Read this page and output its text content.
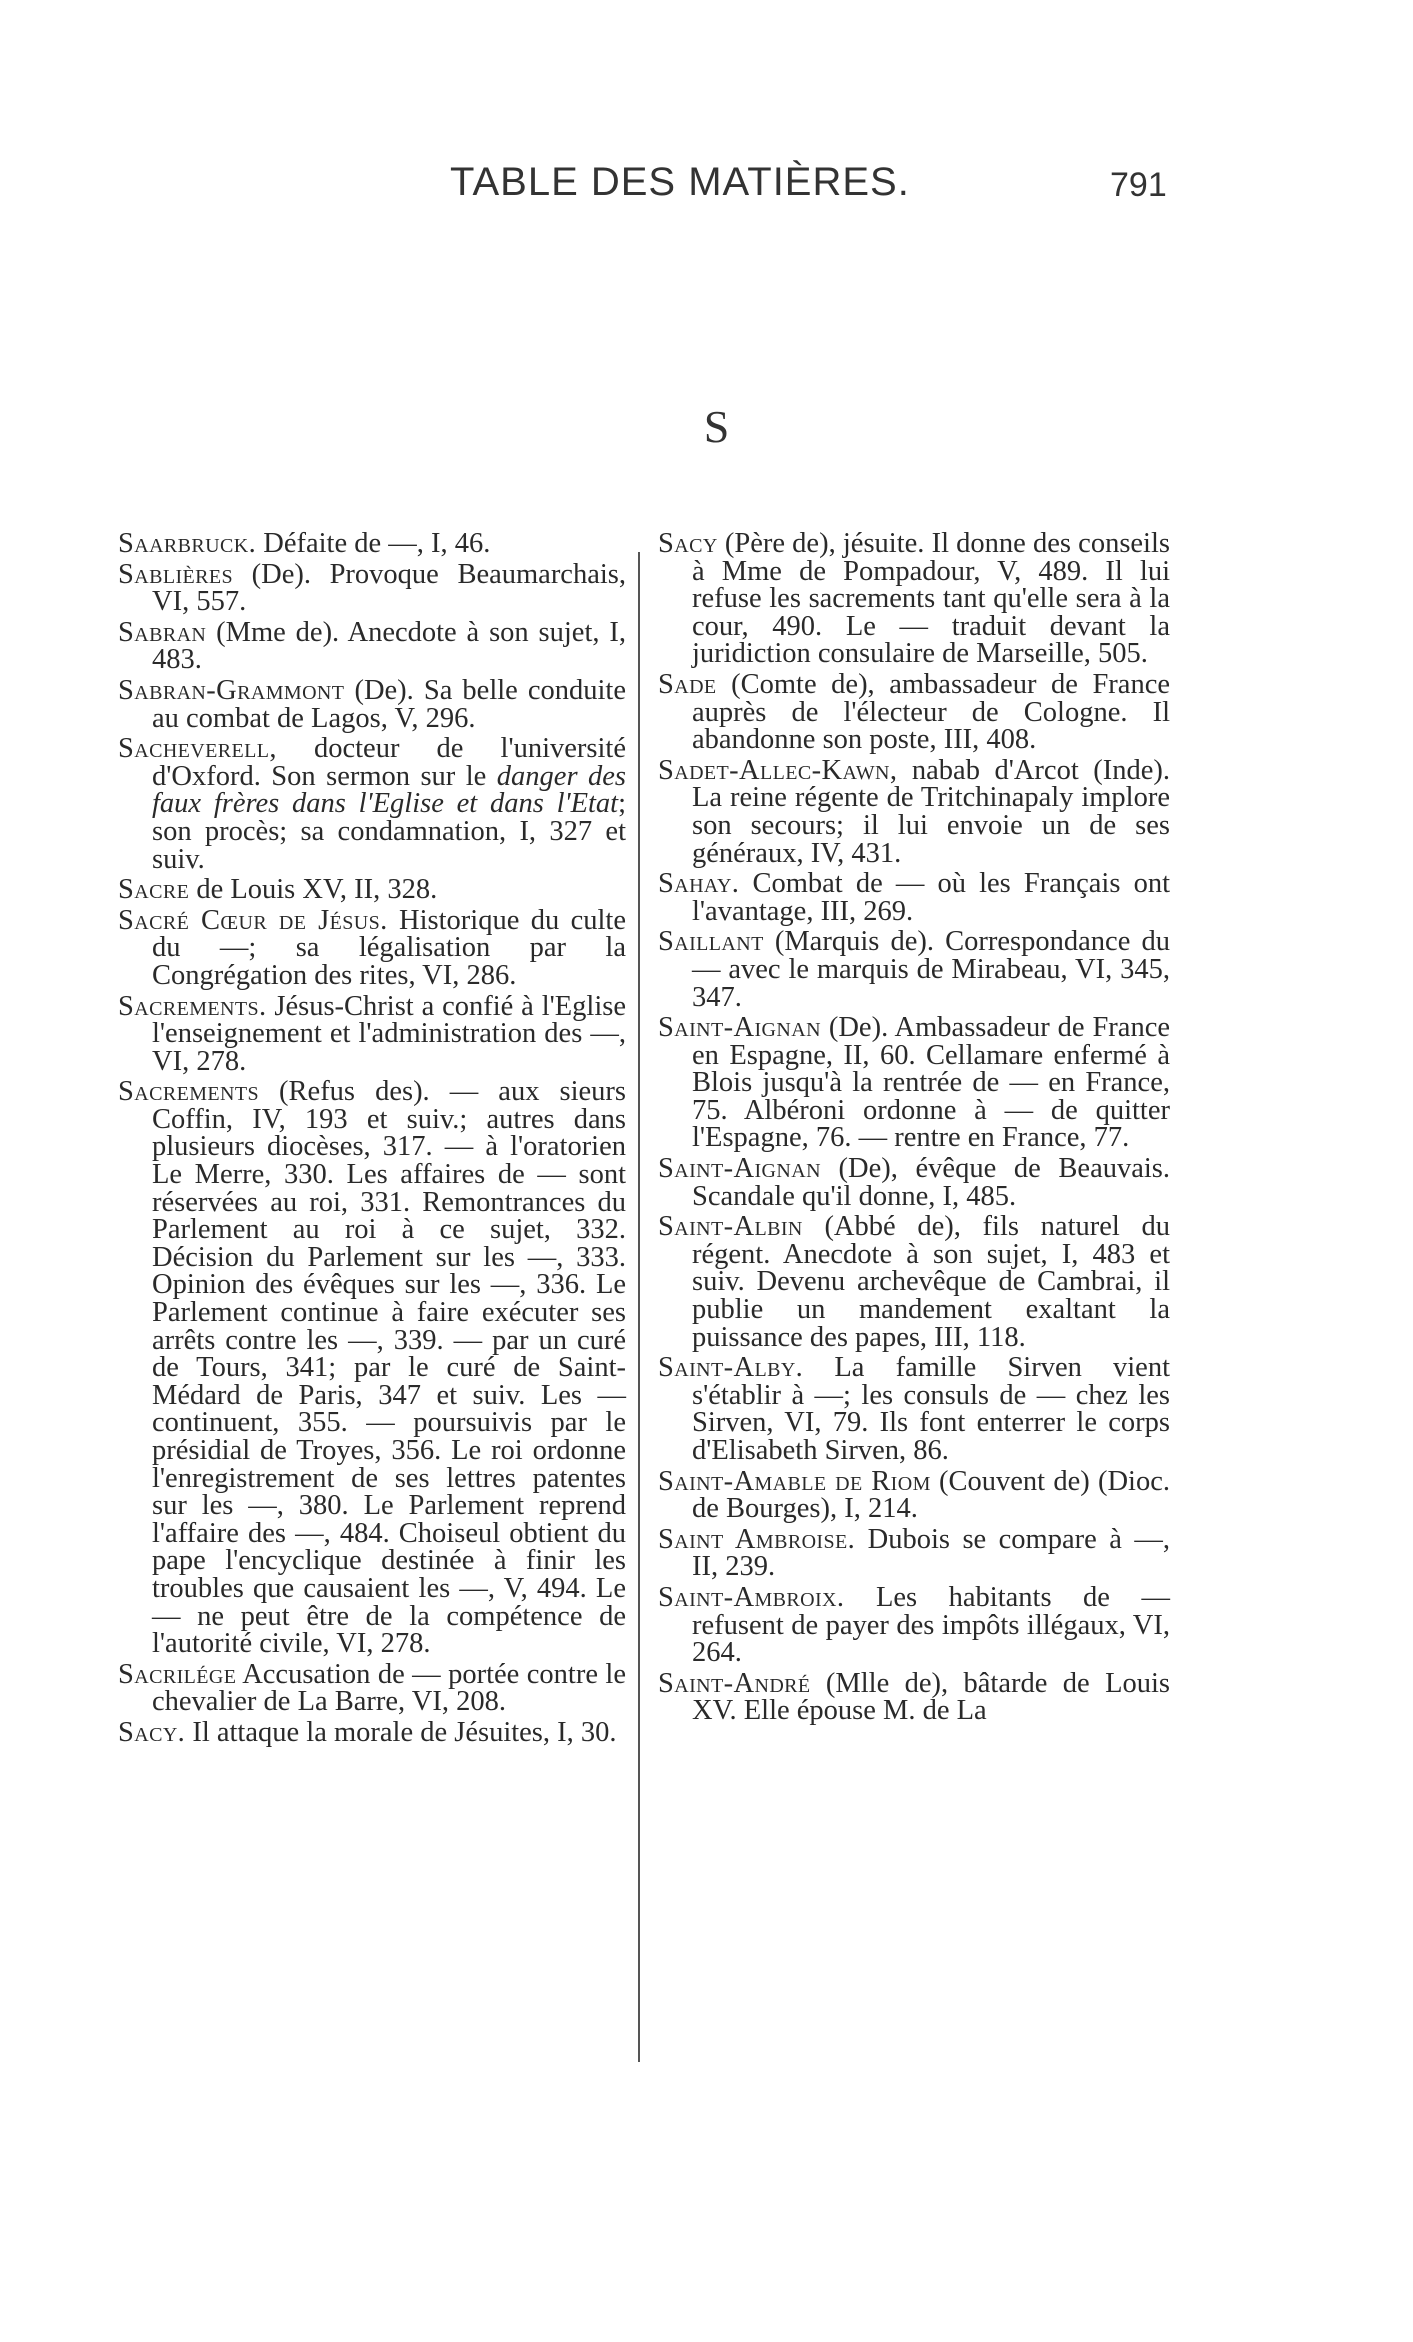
TABLE DES MATIÈRES.	791
S

Saarbruck. Défaite de —, I, 46.

Sablières (De). Provoque Beaumarchais, VI, 557.

Sabran (Mme de). Anecdote à son sujet, I, 483.

Sabran-Grammont (De). Sa belle conduite au combat de Lagos, V, 296.

Sacheverell, docteur de l'université d'Oxford. Son sermon sur le danger des faux frères dans l'Eglise et dans l'Etat; son procès; sa condamnation, I, 327 et suiv.

Sacre de Louis XV, II, 328.

Sacré Cœur de Jésus. Historique du culte du —; sa légalisation par la Congrégation des rites, VI, 286.

Sacrements. Jésus-Christ a confié à l'Eglise l'enseignement et l'administration des —, VI, 278.

Sacrements (Refus des). — aux sieurs Coffin, IV, 193 et suiv.; autres dans plusieurs diocèses, 317. — à l'oratorien Le Merre, 330. Les affaires de — sont réservées au roi, 331. Remontrances du Parlement au roi à ce sujet, 332. Décision du Parlement sur les —, 333. Opinion des évêques sur les —, 336. Le Parlement continue à faire exécuter ses arrêts contre les —, 339. — par un curé de Tours, 341; par le curé de Saint-Médard de Paris, 347 et suiv. Les — continuent, 355. — poursuivis par le présidial de Troyes, 356. Le roi ordonne l'enregistrement de ses lettres patentes sur les —, 380. Le Parlement reprend l'affaire des —, 484. Choiseul obtient du pape l'encyclique destinée à finir les troubles que causaient les —, V, 494. Le — ne peut être de la compétence de l'autorité civile, VI, 278.

Sacrilége Accusation de — portée contre le chevalier de La Barre, VI, 208.

Sacy. Il attaque la morale de Jésuites, I, 30.

Sacy (Père de), jésuite. Il donne des conseils à Mme de Pompadour, V, 489. Il lui refuse les sacrements tant qu'elle sera à la cour, 490. Le — traduit devant la juridiction consulaire de Marseille, 505.

Sade (Comte de), ambassadeur de France auprès de l'électeur de Cologne. Il abandonne son poste, III, 408.

Sadet-Allec-Kawn, nabab d'Arcot (Inde). La reine régente de Tritchinapaly implore son secours; il lui envoie un de ses généraux, IV, 431.

Sahay. Combat de — où les Français ont l'avantage, III, 269.

Saillant (Marquis de). Correspondance du — avec le marquis de Mirabeau, VI, 345, 347.

Saint-Aignan (De). Ambassadeur de France en Espagne, II, 60. Cellamare enfermé à Blois jusqu'à la rentrée de — en France, 75. Albéroni ordonne à — de quitter l'Espagne, 76. — rentre en France, 77.

Saint-Aignan (De), évêque de Beauvais. Scandale qu'il donne, I, 485.

Saint-Albin (Abbé de), fils naturel du régent. Anecdote à son sujet, I, 483 et suiv. Devenu archevêque de Cambrai, il publie un mandement exaltant la puissance des papes, III, 118.

Saint-Alby. La famille Sirven vient s'établir à —; les consuls de — chez les Sirven, VI, 79. Ils font enterrer le corps d'Elisabeth Sirven, 86.

Saint-Amable de Riom (Couvent de) (Dioc. de Bourges), I, 214.

Saint Ambroise. Dubois se compare à —, II, 239.

Saint-Ambroix. Les habitants de — refusent de payer des impôts illégaux, VI, 264.

Saint-André (Mlle de), bâtarde de Louis XV. Elle épouse M. de La
